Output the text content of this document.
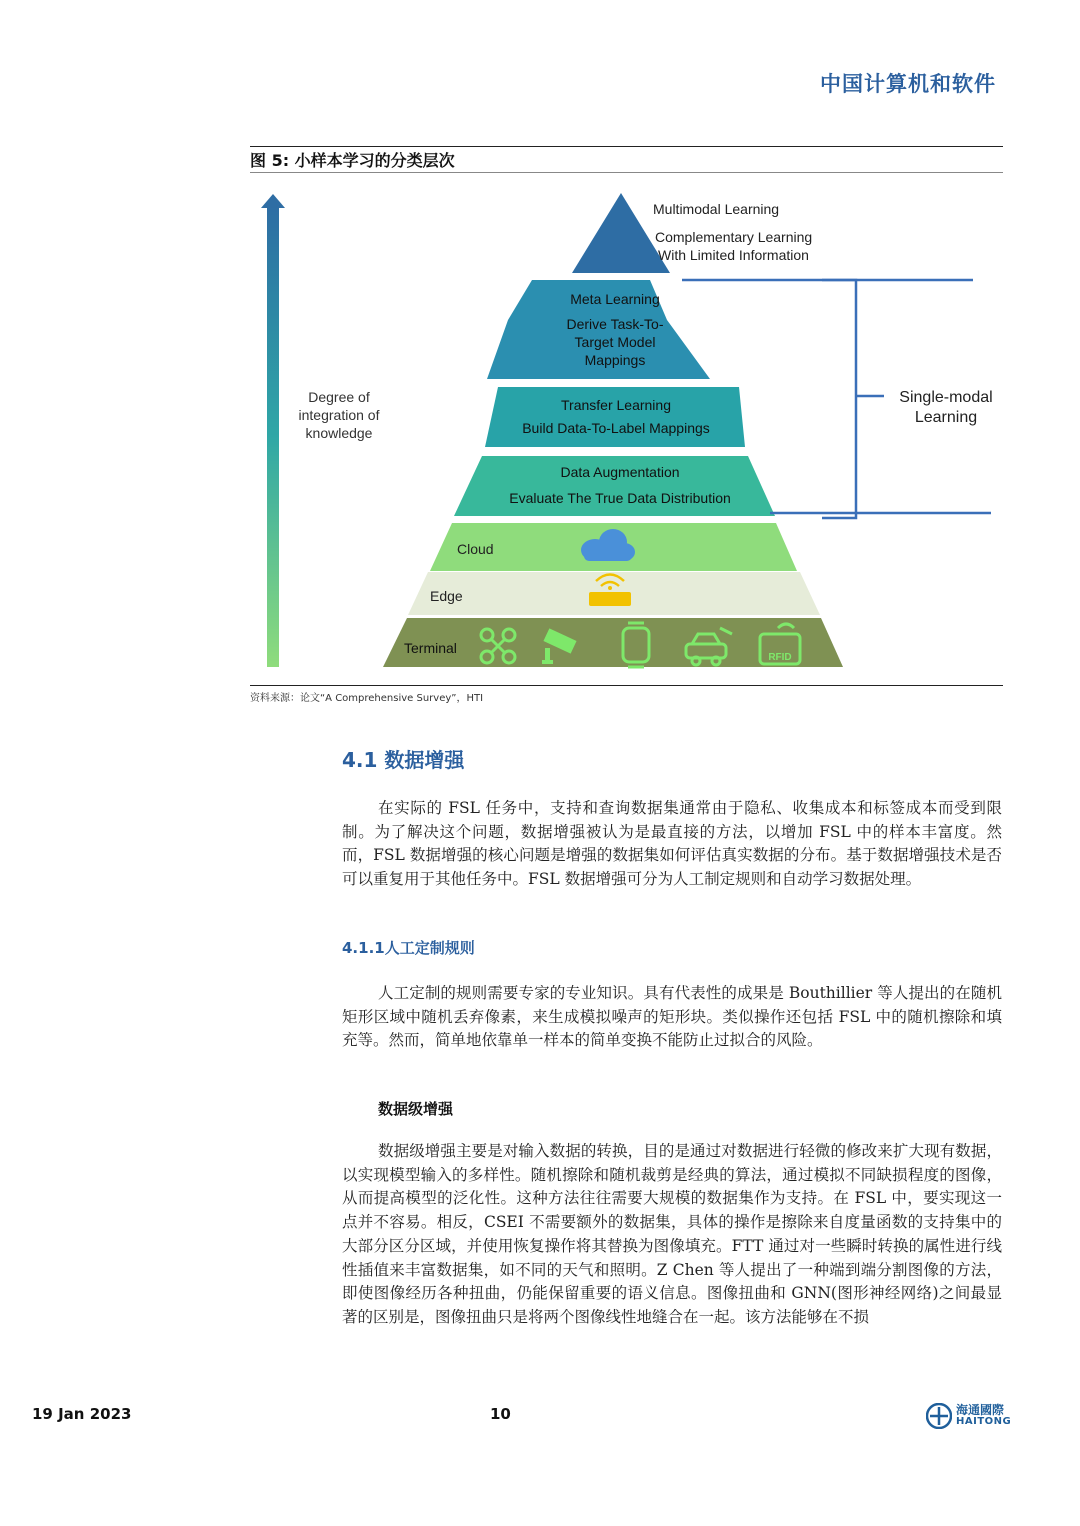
中国计算机和软件
图 5: 小样本学习的分类层次
Degree of
integration of
knowledge
Multimodal Learning
Complementary Learning
With Limited Information
Meta Learning
Derive Task-To-
Target Model
Mappings
Transfer Learning
Build Data-To-Label Mappings
Data Augmentation
Evaluate The True Data Distribution
Cloud
Edge
Terminal
RFID
Single-modal
Learning
资料来源：论文“A Comprehensive Survey”，HTI
4.1 数据增强

在实际的 FSL 任务中，支持和查询数据集通常由于隐私、收集成本和标签成本而受到限制。为了解决这个问题，数据增强被认为是最直接的方法，以增加 FSL 中的样本丰富度。然而，FSL 数据增强的核心问题是增强的数据集如何评估真实数据的分布。基于数据增强技术是否可以重复用于其他任务中。FSL 数据增强可分为人工制定规则和自动学习数据处理。

4.1.1人工定制规则

人工定制的规则需要专家的专业知识。具有代表性的成果是 Bouthillier 等人提出的在随机矩形区域中随机丢弃像素，来生成模拟噪声的矩形块。类似操作还包括 FSL 中的随机擦除和填充等。然而，简单地依靠单一样本的简单变换不能防止过拟合的风险。

数据级增强

数据级增强主要是对输入数据的转换，目的是通过对数据进行轻微的修改来扩大现有数据，以实现模型输入的多样性。随机擦除和随机裁剪是经典的算法，通过模拟不同缺损程度的图像，从而提高模型的泛化性。这种方法往往需要大规模的数据集作为支持。在 FSL 中，要实现这一点并不容易。相反，CSEI 不需要额外的数据集，具体的操作是擦除来自度量函数的支持集中的大部分区分区域，并使用恢复操作将其替换为图像填充。FTT 通过对一些瞬时转换的属性进行线性插值来丰富数据集，如不同的天气和照明。Z Chen 等人提出了一种端到端分割图像的方法，即使图像经历各种扭曲，仍能保留重要的语义信息。图像扭曲和 GNN(图形神经网络)之间最显著的区别是，图像扭曲只是将两个图像线性地缝合在一起。该方法能够在不损

19 Jan 2023	10	海通國際
HAITONG
